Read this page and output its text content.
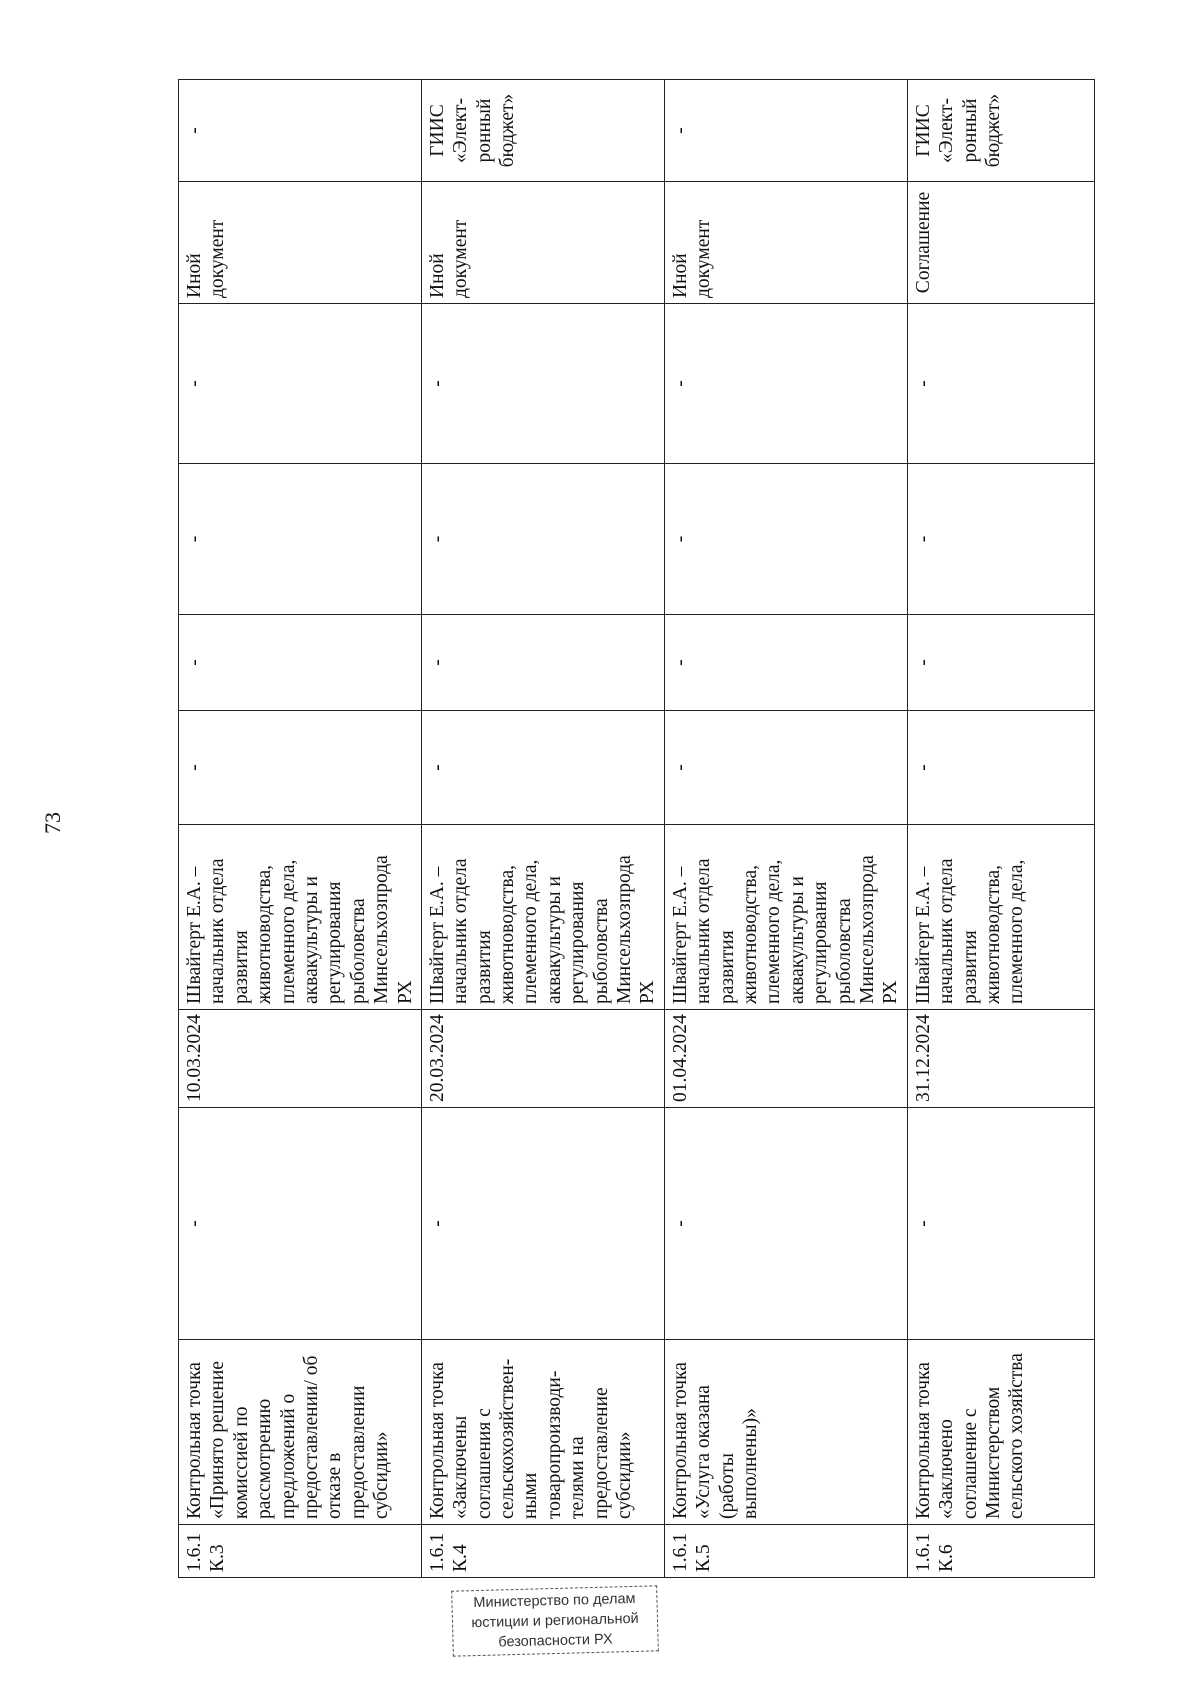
73
1.6.1 К.3	Контрольная точка «Принято решение комиссией по рассмотрению предложений о предоставлении/ об отказе в предоставлении субсидии»	-	10.03.2024	Швайгерт Е.А. – начальник отдела развития животноводства, племенного дела, аквакультуры и регулирования рыболовства Минсельхозпрода РХ	-	-	-	-	Иной документ	-
1.6.1 К.4	Контрольная точка «Заключены соглашения с сельскохозяйствен-ными товаропроизводи-телями на предоставление субсидии»	-	20.03.2024	Швайгерт Е.А. – начальник отдела развития животноводства, племенного дела, аквакультуры и регулирования рыболовства Минсельхозпрода РХ	-	-	-	-	Иной документ	ГИИС «Элект-ронный бюджет»
1.6.1 К.5	Контрольная точка «Услуга оказана (работы выполнены)»	-	01.04.2024	Швайгерт Е.А. – начальник отдела развития животноводства, племенного дела, аквакультуры и регулирования рыболовства Минсельхозпрода РХ	-	-	-	-	Иной документ	-
1.6.1 К.6	Контрольная точка «Заключено соглашение с Министерством сельского хозяйства	-	31.12.2024	Швайгерт Е.А. – начальник отдела развития животноводства, племенного дела,	-	-	-	-	Соглашение	ГИИС «Элект-ронный бюджет»
Министерство по делам
юстиции и региональной
безопасности РХ
